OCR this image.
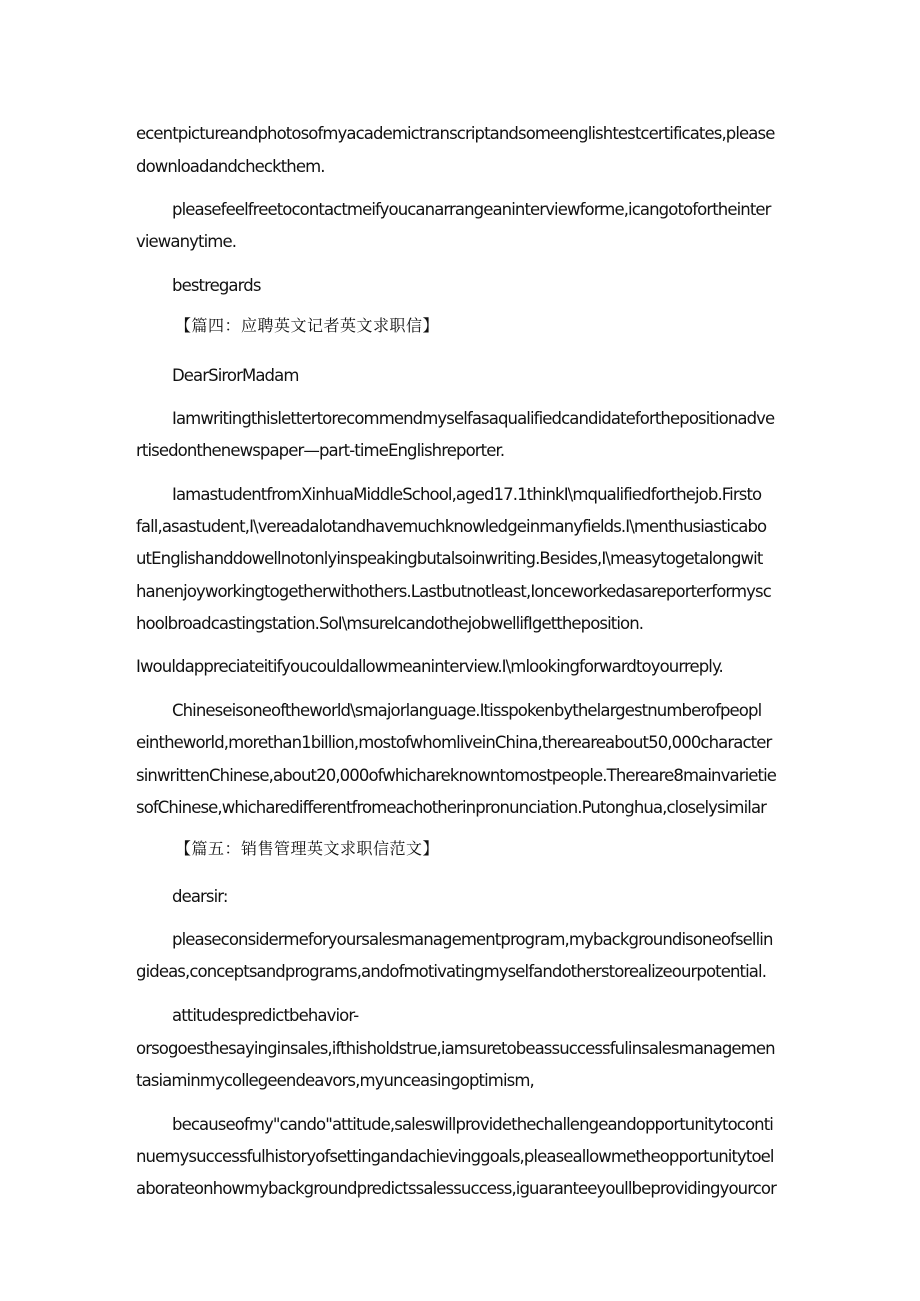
ecentpictureandphotosofmyacademictranscriptandsomeenglishtestcertificates,please
downloadandcheckthem.
pleasefeelfreetocontactmeifyoucanarrangeaninterviewforme,icangotofortheinter
viewanytime.
bestregards
【篇四：应聘英文记者英文求职信】
DearSirorMadam
Iamwritingthislettertorecommendmyselfasaqualifiedcandidateforthepositionadve
rtisedonthenewspaper—part-timeEnglishreporter.
IamastudentfromXinhuaMiddleSchool,aged17.1thinkI\mqualifiedforthejob.Firsto
fall,asastudent,I\vereadalotandhavemuchknowledgeinmanyfields.I\menthusiasticabo
utEnglishanddowellnotonlyinspeakingbutalsoinwriting.Besides,I\measytogetalongwit
hanenjoyworkingtogetherwithothers.Lastbutnotleast,Ionceworkedasareporterformysc
hoolbroadcastingstation.SoI\msureIcandothejobwellifIgettheposition.
Iwouldappreciateitifyoucouldallowmeaninterview.I\mlookingforwardtoyourreply.
Chineseisoneoftheworld\smajorlanguage.Itisspokenbythelargestnumberofpeopl
eintheworld,morethan1billion,mostofwhomliveinChina,thereareabout50,000character
sinwrittenChinese,about20,000ofwhichareknowntomostpeople.Thereare8mainvarietie
sofChinese,whicharedifferentfromeachotherinpronunciation.Putonghua,closelysimilar
【篇五：销售管理英文求职信范文】
dearsir:
pleaseconsidermeforyoursalesmanagementprogram,mybackgroundisoneofsellin
gideas,conceptsandprograms,andofmotivatingmyselfandotherstorealizeourpotential.
attitudespredictbehavior-
orsogoesthesayinginsales,ifthisholdstrue,iamsuretobeassuccessfulinsalesmanagemen
tasiaminmycollegeendeavors,myunceasingoptimism,
becauseofmy"cando"attitude,saleswillprovidethechallengeandopportunitytoconti
nuemysuccessfulhistoryofsettingandachievinggoals,pleaseallowmetheopportunitytoel
aborateonhowmybackgroundpredictssalessuccess,iguaranteeyoullbeprovidingyourcor
